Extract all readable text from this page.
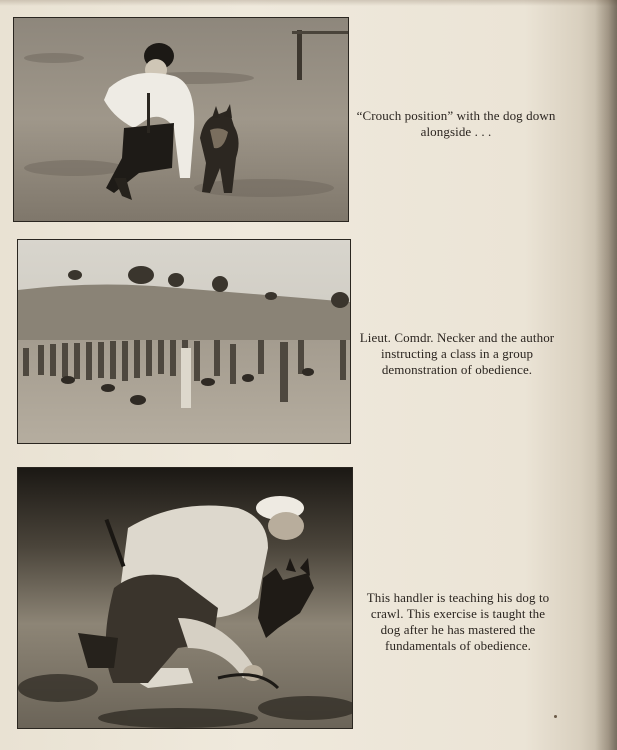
“Crouch position” with the dog down alongside . . .
Lieut. Comdr. Necker and the author instructing a class in a group demonstration of obedience.
This handler is teaching his dog to crawl. This exercise is taught the dog after he has mastered the fundamentals of obedience.
